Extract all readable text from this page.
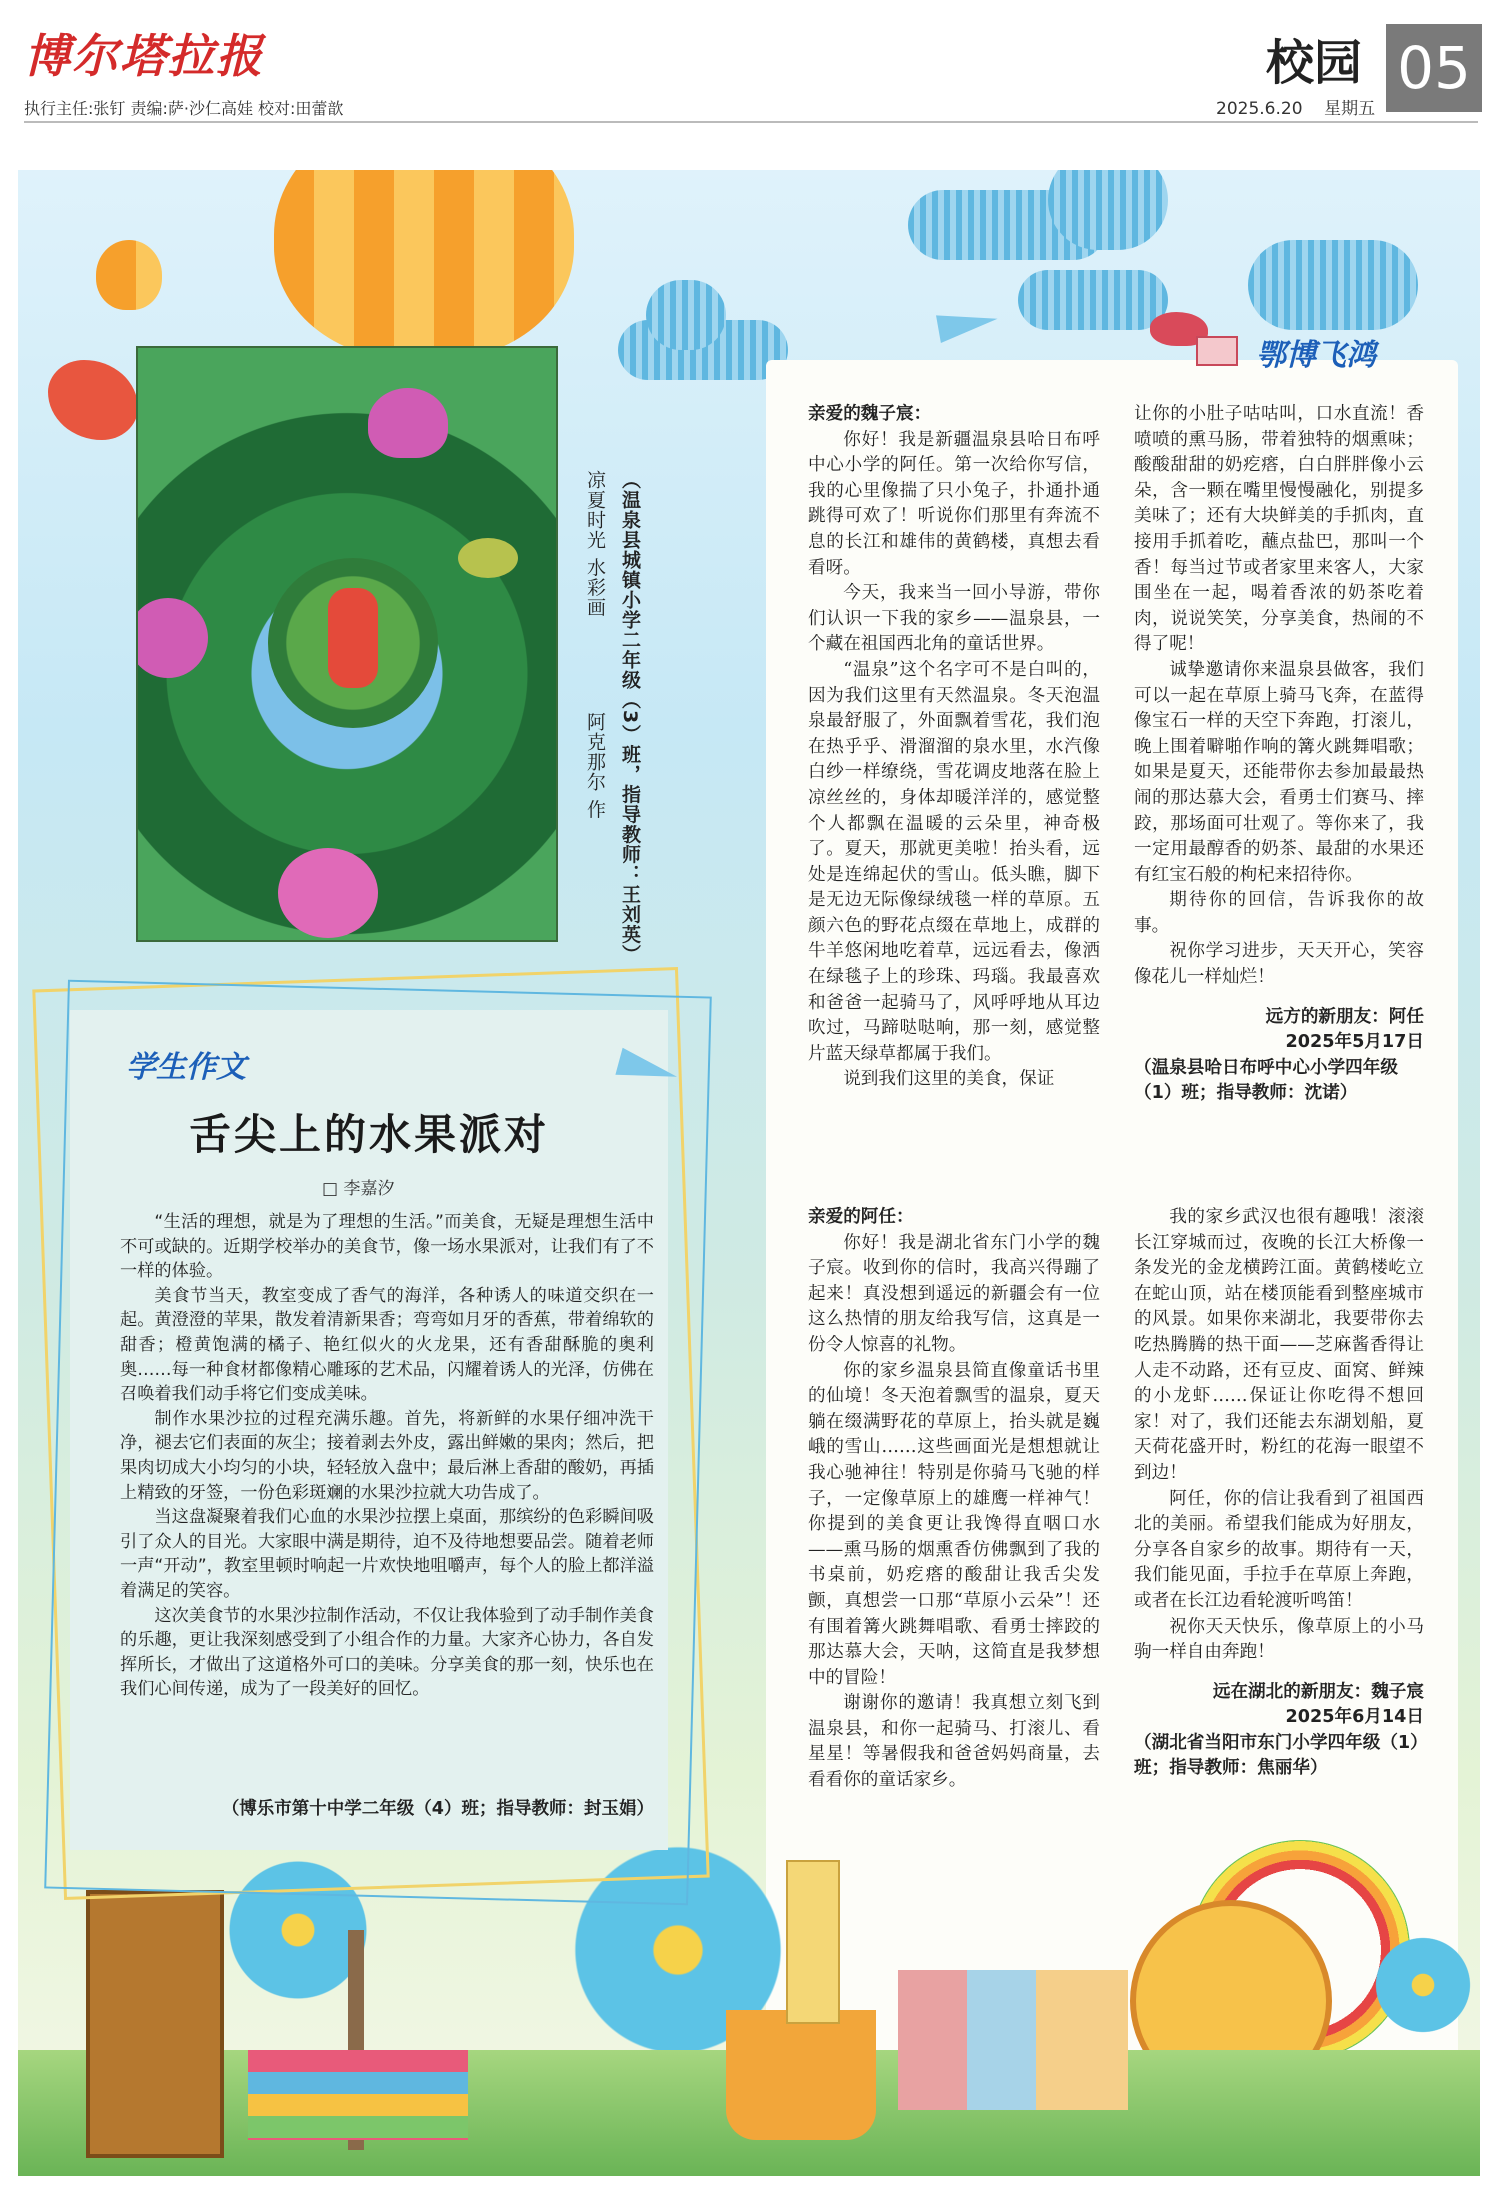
博尔塔拉报
执行主任:张钉 责编:萨·沙仁高娃 校对:田蕾歆
校园 05
2025.6.20 星期五
（温泉县城镇小学二年级（3）班，指导教师：王刘英）
凉夏时光 水彩画
阿克那尔 作
学生作文
舌尖上的水果派对
□ 李嘉汐

“生活的理想，就是为了理想的生活。”而美食，无疑是理想生活中不可或缺的。近期学校举办的美食节，像一场水果派对，让我们有了不一样的体验。

美食节当天，教室变成了香气的海洋，各种诱人的味道交织在一起。黄澄澄的苹果，散发着清新果香；弯弯如月牙的香蕉，带着绵软的甜香；橙黄饱满的橘子、艳红似火的火龙果，还有香甜酥脆的奥利奥……每一种食材都像精心雕琢的艺术品，闪耀着诱人的光泽，仿佛在召唤着我们动手将它们变成美味。

制作水果沙拉的过程充满乐趣。首先，将新鲜的水果仔细冲洗干净，褪去它们表面的灰尘；接着剥去外皮，露出鲜嫩的果肉；然后，把果肉切成大小均匀的小块，轻轻放入盘中；最后淋上香甜的酸奶，再插上精致的牙签，一份色彩斑斓的水果沙拉就大功告成了。

当这盘凝聚着我们心血的水果沙拉摆上桌面，那缤纷的色彩瞬间吸引了众人的目光。大家眼中满是期待，迫不及待地想要品尝。随着老师一声“开动”，教室里顿时响起一片欢快地咀嚼声，每个人的脸上都洋溢着满足的笑容。

这次美食节的水果沙拉制作活动，不仅让我体验到了动手制作美食的乐趣，更让我深刻感受到了小组合作的力量。大家齐心协力，各自发挥所长，才做出了这道格外可口的美味。分享美食的那一刻，快乐也在我们心间传递，成为了一段美好的回忆。

（博乐市第十中学二年级（4）班；指导教师：封玉娟）
鄂博飞鸿

亲爱的魏子宸：

你好！我是新疆温泉县哈日布呼中心小学的阿任。第一次给你写信，我的心里像揣了只小兔子，扑通扑通跳得可欢了！听说你们那里有奔流不息的长江和雄伟的黄鹤楼，真想去看看呀。

今天，我来当一回小导游，带你们认识一下我的家乡——温泉县，一个藏在祖国西北角的童话世界。

“温泉”这个名字可不是白叫的，因为我们这里有天然温泉。冬天泡温泉最舒服了，外面飘着雪花，我们泡在热乎乎、滑溜溜的泉水里，水汽像白纱一样缭绕，雪花调皮地落在脸上凉丝丝的，身体却暖洋洋的，感觉整个人都飘在温暖的云朵里，神奇极了。夏天，那就更美啦！抬头看，远处是连绵起伏的雪山。低头瞧，脚下是无边无际像绿绒毯一样的草原。五颜六色的野花点缀在草地上，成群的牛羊悠闲地吃着草，远远看去，像洒在绿毯子上的珍珠、玛瑙。我最喜欢和爸爸一起骑马了，风呼呼地从耳边吹过，马蹄哒哒响，那一刻，感觉整片蓝天绿草都属于我们。

说到我们这里的美食，保证

让你的小肚子咕咕叫，口水直流！香喷喷的熏马肠，带着独特的烟熏味；酸酸甜甜的奶疙瘩，白白胖胖像小云朵，含一颗在嘴里慢慢融化，别提多美味了；还有大块鲜美的手抓肉，直接用手抓着吃，蘸点盐巴，那叫一个香！每当过节或者家里来客人，大家围坐在一起，喝着香浓的奶茶吃着肉，说说笑笑，分享美食，热闹的不得了呢！

诚挚邀请你来温泉县做客，我们可以一起在草原上骑马飞奔，在蓝得像宝石一样的天空下奔跑，打滚儿，晚上围着噼啪作响的篝火跳舞唱歌；如果是夏天，还能带你去参加最最热闹的那达慕大会，看勇士们赛马、摔跤，那场面可壮观了。等你来了，我一定用最醇香的奶茶、最甜的水果还有红宝石般的枸杞来招待你。

期待你的回信，告诉我你的故事。

祝你学习进步，天天开心，笑容像花儿一样灿烂！

远方的新朋友：阿任
2025年5月17日
（温泉县哈日布呼中心小学四年级（1）班；指导教师：沈诺）

亲爱的阿任：

你好！我是湖北省东门小学的魏子宸。收到你的信时，我高兴得蹦了起来！真没想到遥远的新疆会有一位这么热情的朋友给我写信，这真是一份令人惊喜的礼物。

你的家乡温泉县简直像童话书里的仙境！冬天泡着飘雪的温泉，夏天躺在缀满野花的草原上，抬头就是巍峨的雪山……这些画面光是想想就让我心驰神往！特别是你骑马飞驰的样子，一定像草原上的雄鹰一样神气！你提到的美食更让我馋得直咽口水——熏马肠的烟熏香仿佛飘到了我的书桌前，奶疙瘩的酸甜让我舌尖发颤，真想尝一口那“草原小云朵”！还有围着篝火跳舞唱歌、看勇士摔跤的那达慕大会，天呐，这简直是我梦想中的冒险！

谢谢你的邀请！我真想立刻飞到温泉县，和你一起骑马、打滚儿、看星星！等暑假我和爸爸妈妈商量，去看看你的童话家乡。

我的家乡武汉也很有趣哦！滚滚长江穿城而过，夜晚的长江大桥像一条发光的金龙横跨江面。黄鹤楼屹立在蛇山顶，站在楼顶能看到整座城市的风景。如果你来湖北，我要带你去吃热腾腾的热干面——芝麻酱香得让人走不动路，还有豆皮、面窝、鲜辣的小龙虾……保证让你吃得不想回家！对了，我们还能去东湖划船，夏天荷花盛开时，粉红的花海一眼望不到边！

阿任，你的信让我看到了祖国西北的美丽。希望我们能成为好朋友，分享各自家乡的故事。期待有一天，我们能见面，手拉手在草原上奔跑，或者在长江边看轮渡听鸣笛！

祝你天天快乐，像草原上的小马驹一样自由奔跑！

远在湖北的新朋友：魏子宸
2025年6月14日
（湖北省当阳市东门小学四年级（1）班；指导教师：焦丽华）
